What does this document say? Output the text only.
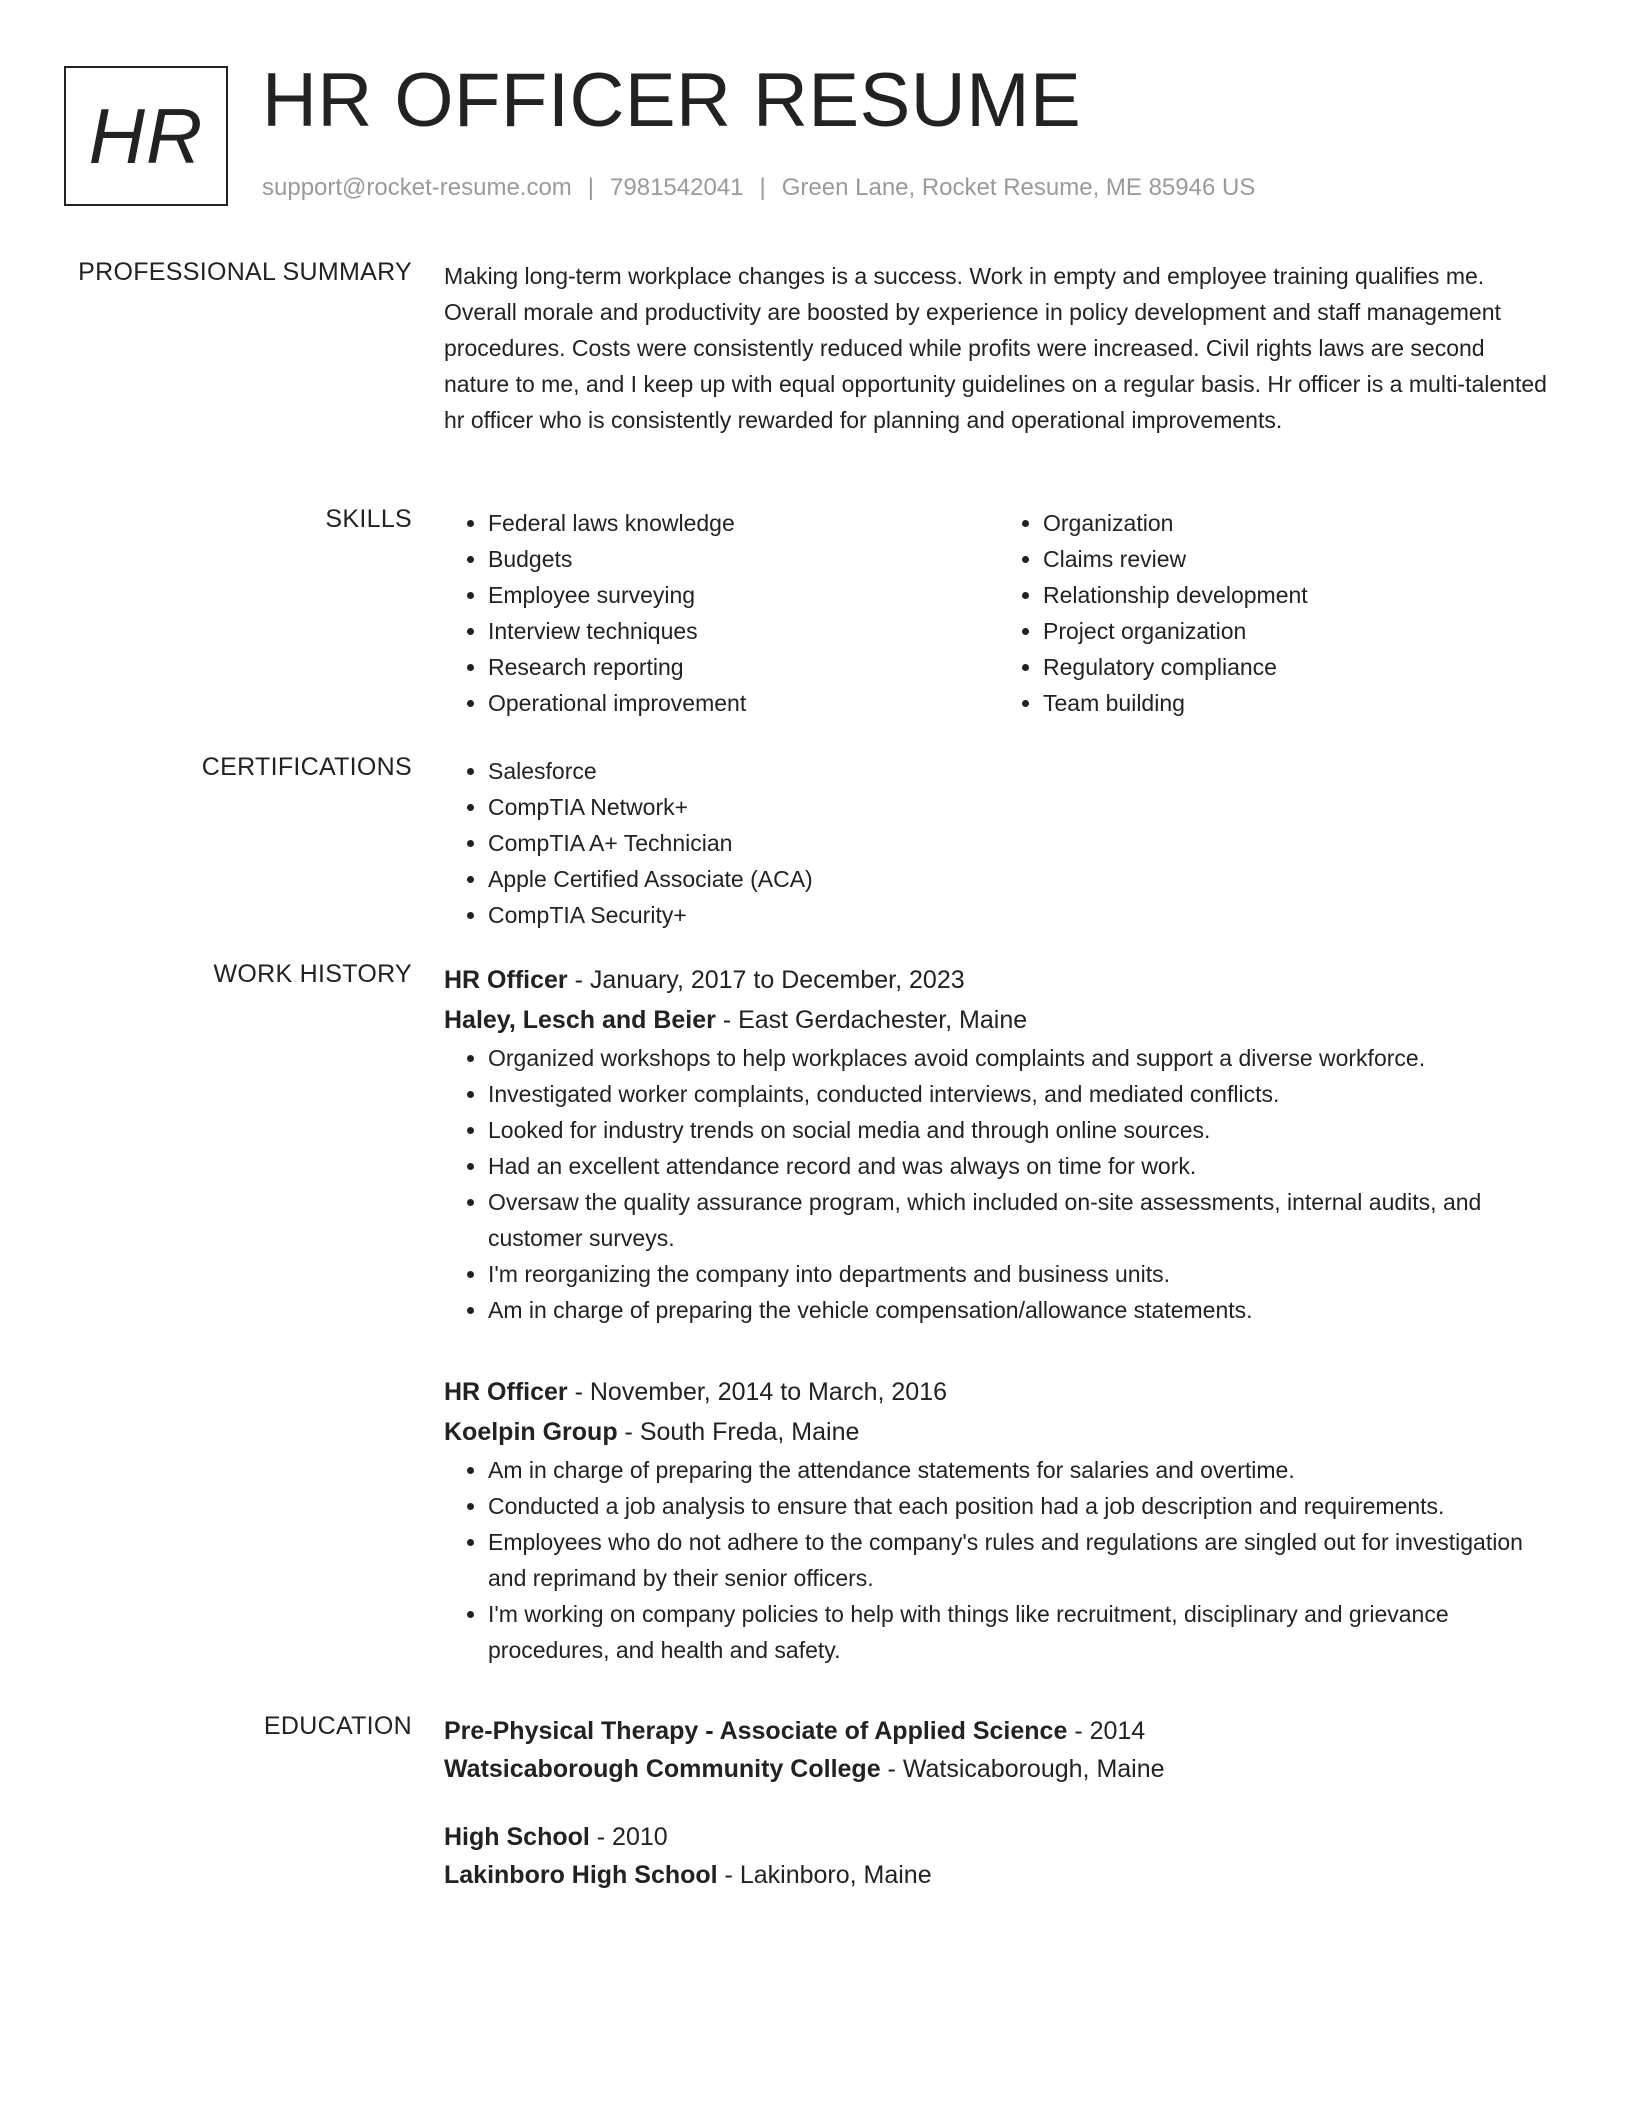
HR HR OFFICER RESUME
support@rocket-resume.com | 7981542041 | Green Lane, Rocket Resume, ME 85946 US
PROFESSIONAL SUMMARY Making long-term workplace changes is a success. Work in empty and employee training qualifies me. Overall morale and productivity are boosted by experience in policy development and staff management procedures. Costs were consistently reduced while profits were increased. Civil rights laws are second nature to me, and I keep up with equal opportunity guidelines on a regular basis. Hr officer is a multi-talented hr officer who is consistently rewarded for planning and operational improvements.

SKILLS	• Federal laws knowledge
• Budgets
• Employee surveying
• Interview techniques
• Research reporting
• Operational improvement
• Organization
• Claims review
• Relationship development
• Project organization
• Regulatory compliance
• Team building
CERTIFICATIONS	• Salesforce
• CompTIA Network+
• CompTIA A+ Technician
• Apple Certified Associate (ACA)
• CompTIA Security+
WORK HISTORY HR Officer - January, 2017 to December, 2023
Haley, Lesch and Beier - East Gerdachester, Maine
• Organized workshops to help workplaces avoid complaints and support a diverse workforce.
• Investigated worker complaints, conducted interviews, and mediated conflicts.
• Looked for industry trends on social media and through online sources.
• Had an excellent attendance record and was always on time for work.
• Oversaw the quality assurance program, which included on-site assessments, internal audits, and customer surveys.
• I'm reorganizing the company into departments and business units.
• Am in charge of preparing the vehicle compensation/allowance statements.
HR Officer - November, 2014 to March, 2016
Koelpin Group - South Freda, Maine
• Am in charge of preparing the attendance statements for salaries and overtime.
• Conducted a job analysis to ensure that each position had a job description and requirements.
• Employees who do not adhere to the company's rules and regulations are singled out for investigation and reprimand by their senior officers.
• I'm working on company policies to help with things like recruitment, disciplinary and grievance procedures, and health and safety.
EDUCATION Pre-Physical Therapy - Associate of Applied Science - 2014
Watsicaborough Community College - Watsicaborough, Maine
High School - 2010
Lakinboro High School - Lakinboro, Maine
